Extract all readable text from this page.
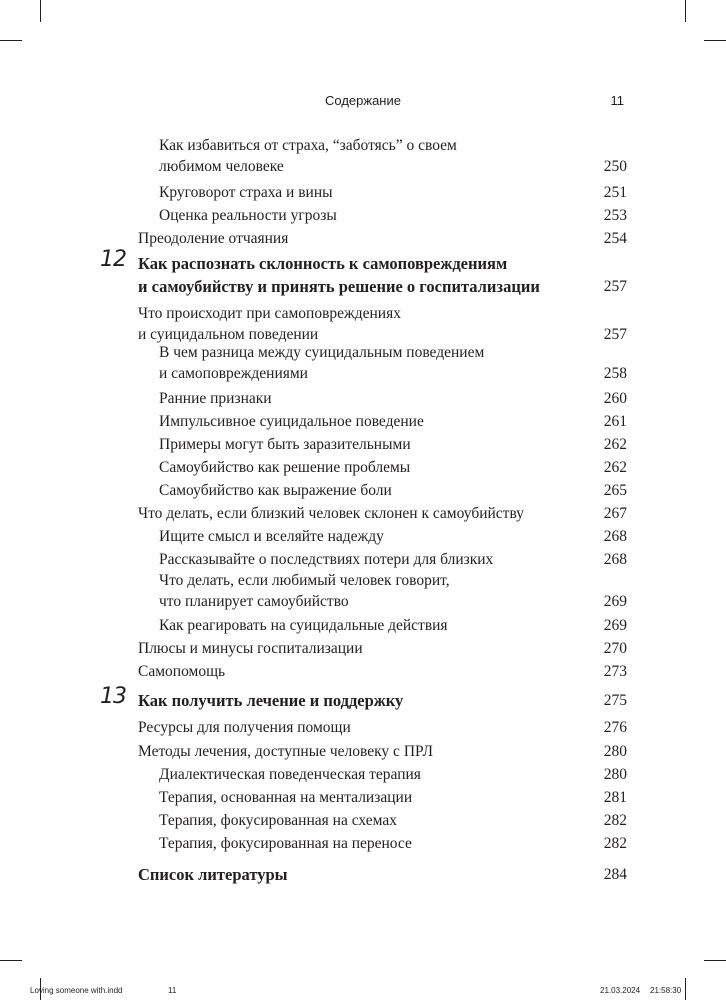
Содержание	11
Как избавиться от страха, “заботясь” о своем
любимом человеке	250
Круговорот страха и вины	251
Оценка реальности угрозы	253
Преодоление отчаяния	254
12 Как распознать склонность к самоповреждениям
и самоубийству и принять решение о госпитализации	257
Что происходит при самоповреждениях
и суицидальном поведении	257
В чем разница между суицидальным поведением
и самоповреждениями	258
Ранние признаки	260
Импульсивное суицидальное поведение	261
Примеры могут быть заразительными	262
Самоубийство как решение проблемы	262
Самоубийство как выражение боли	265
Что делать, если близкий человек склонен к самоубийству	267
Ищите смысл и вселяйте надежду	268
Рассказывайте о последствиях потери для близких	268
Что делать, если любимый человек говорит,
что планирует самоубийство	269
Как реагировать на суицидальные действия	269
Плюсы и минусы госпитализации	270
Самопомощь	273
13 Как получить лечение и поддержку	275
Ресурсы для получения помощи	276
Методы лечения, доступные человеку с ПРЛ	280
Диалектическая поведенческая терапия	280
Терапия, основанная на ментализации	281
Терапия, фокусированная на схемах	282
Терапия, фокусированная на переносе	282
Список литературы	284
Loving someone with.indd	11	21.03.2024 21:58:30
